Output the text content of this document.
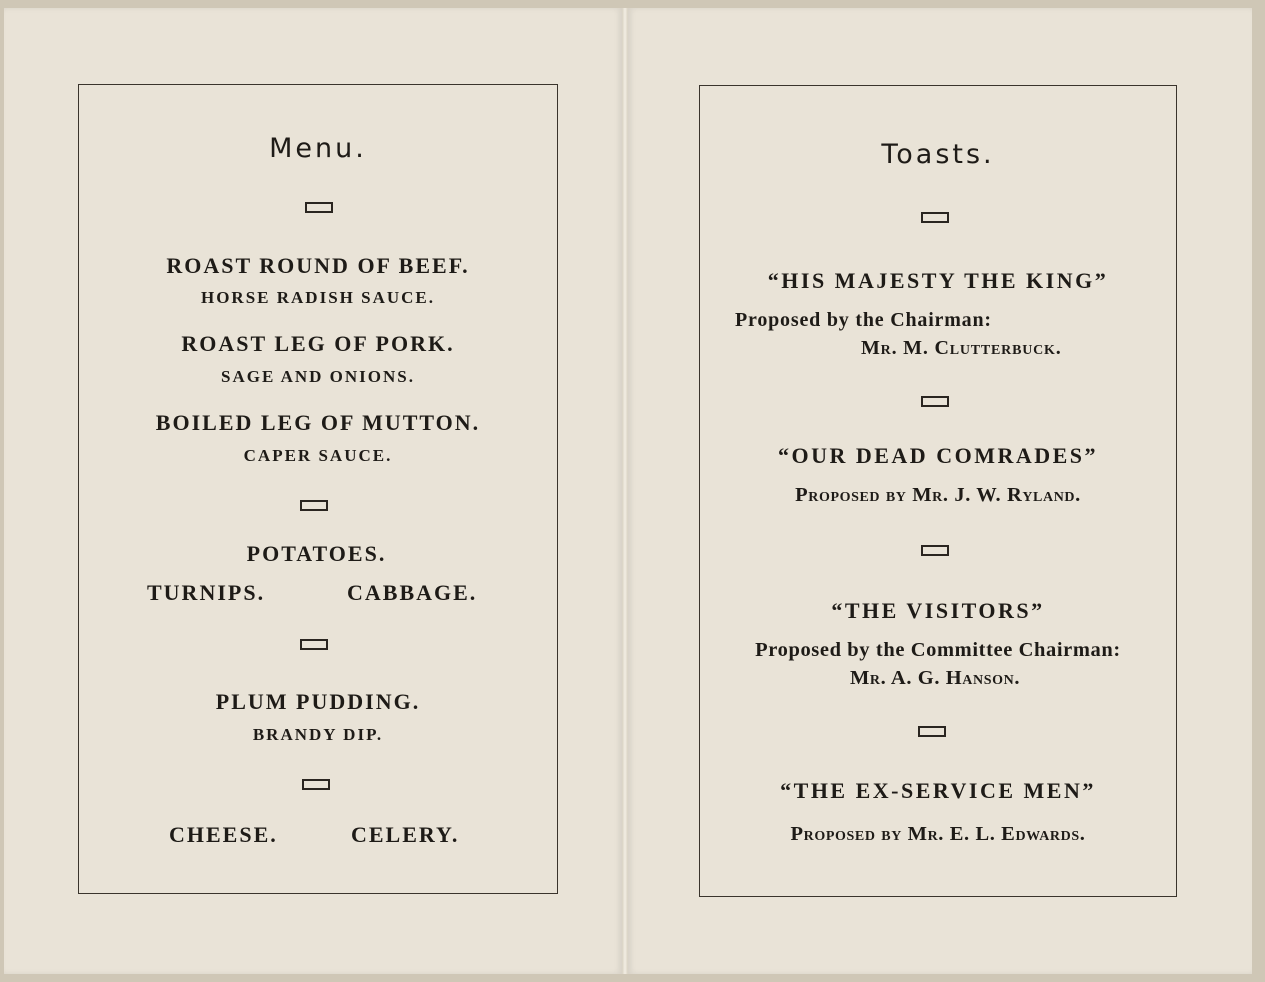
Menu.

ROAST ROUND OF BEEF.

HORSE RADISH SAUCE.

ROAST LEG OF PORK.

SAGE AND ONIONS.

BOILED LEG OF MUTTON.

CAPER SAUCE.

POTATOES.

TURNIPS.	CABBAGE.

PLUM PUDDING.

BRANDY DIP.

CHEESE.	CELERY.

Toasts.

“HIS MAJESTY THE KING”

Proposed by the Chairman:

Mr. M. Clutterbuck.

“OUR DEAD COMRADES”

Proposed by Mr. J. W. Ryland.

“THE VISITORS”

Proposed by the Committee Chairman:

Mr. A. G. Hanson.

“THE EX-SERVICE MEN”

Proposed by Mr. E. L. Edwards.
